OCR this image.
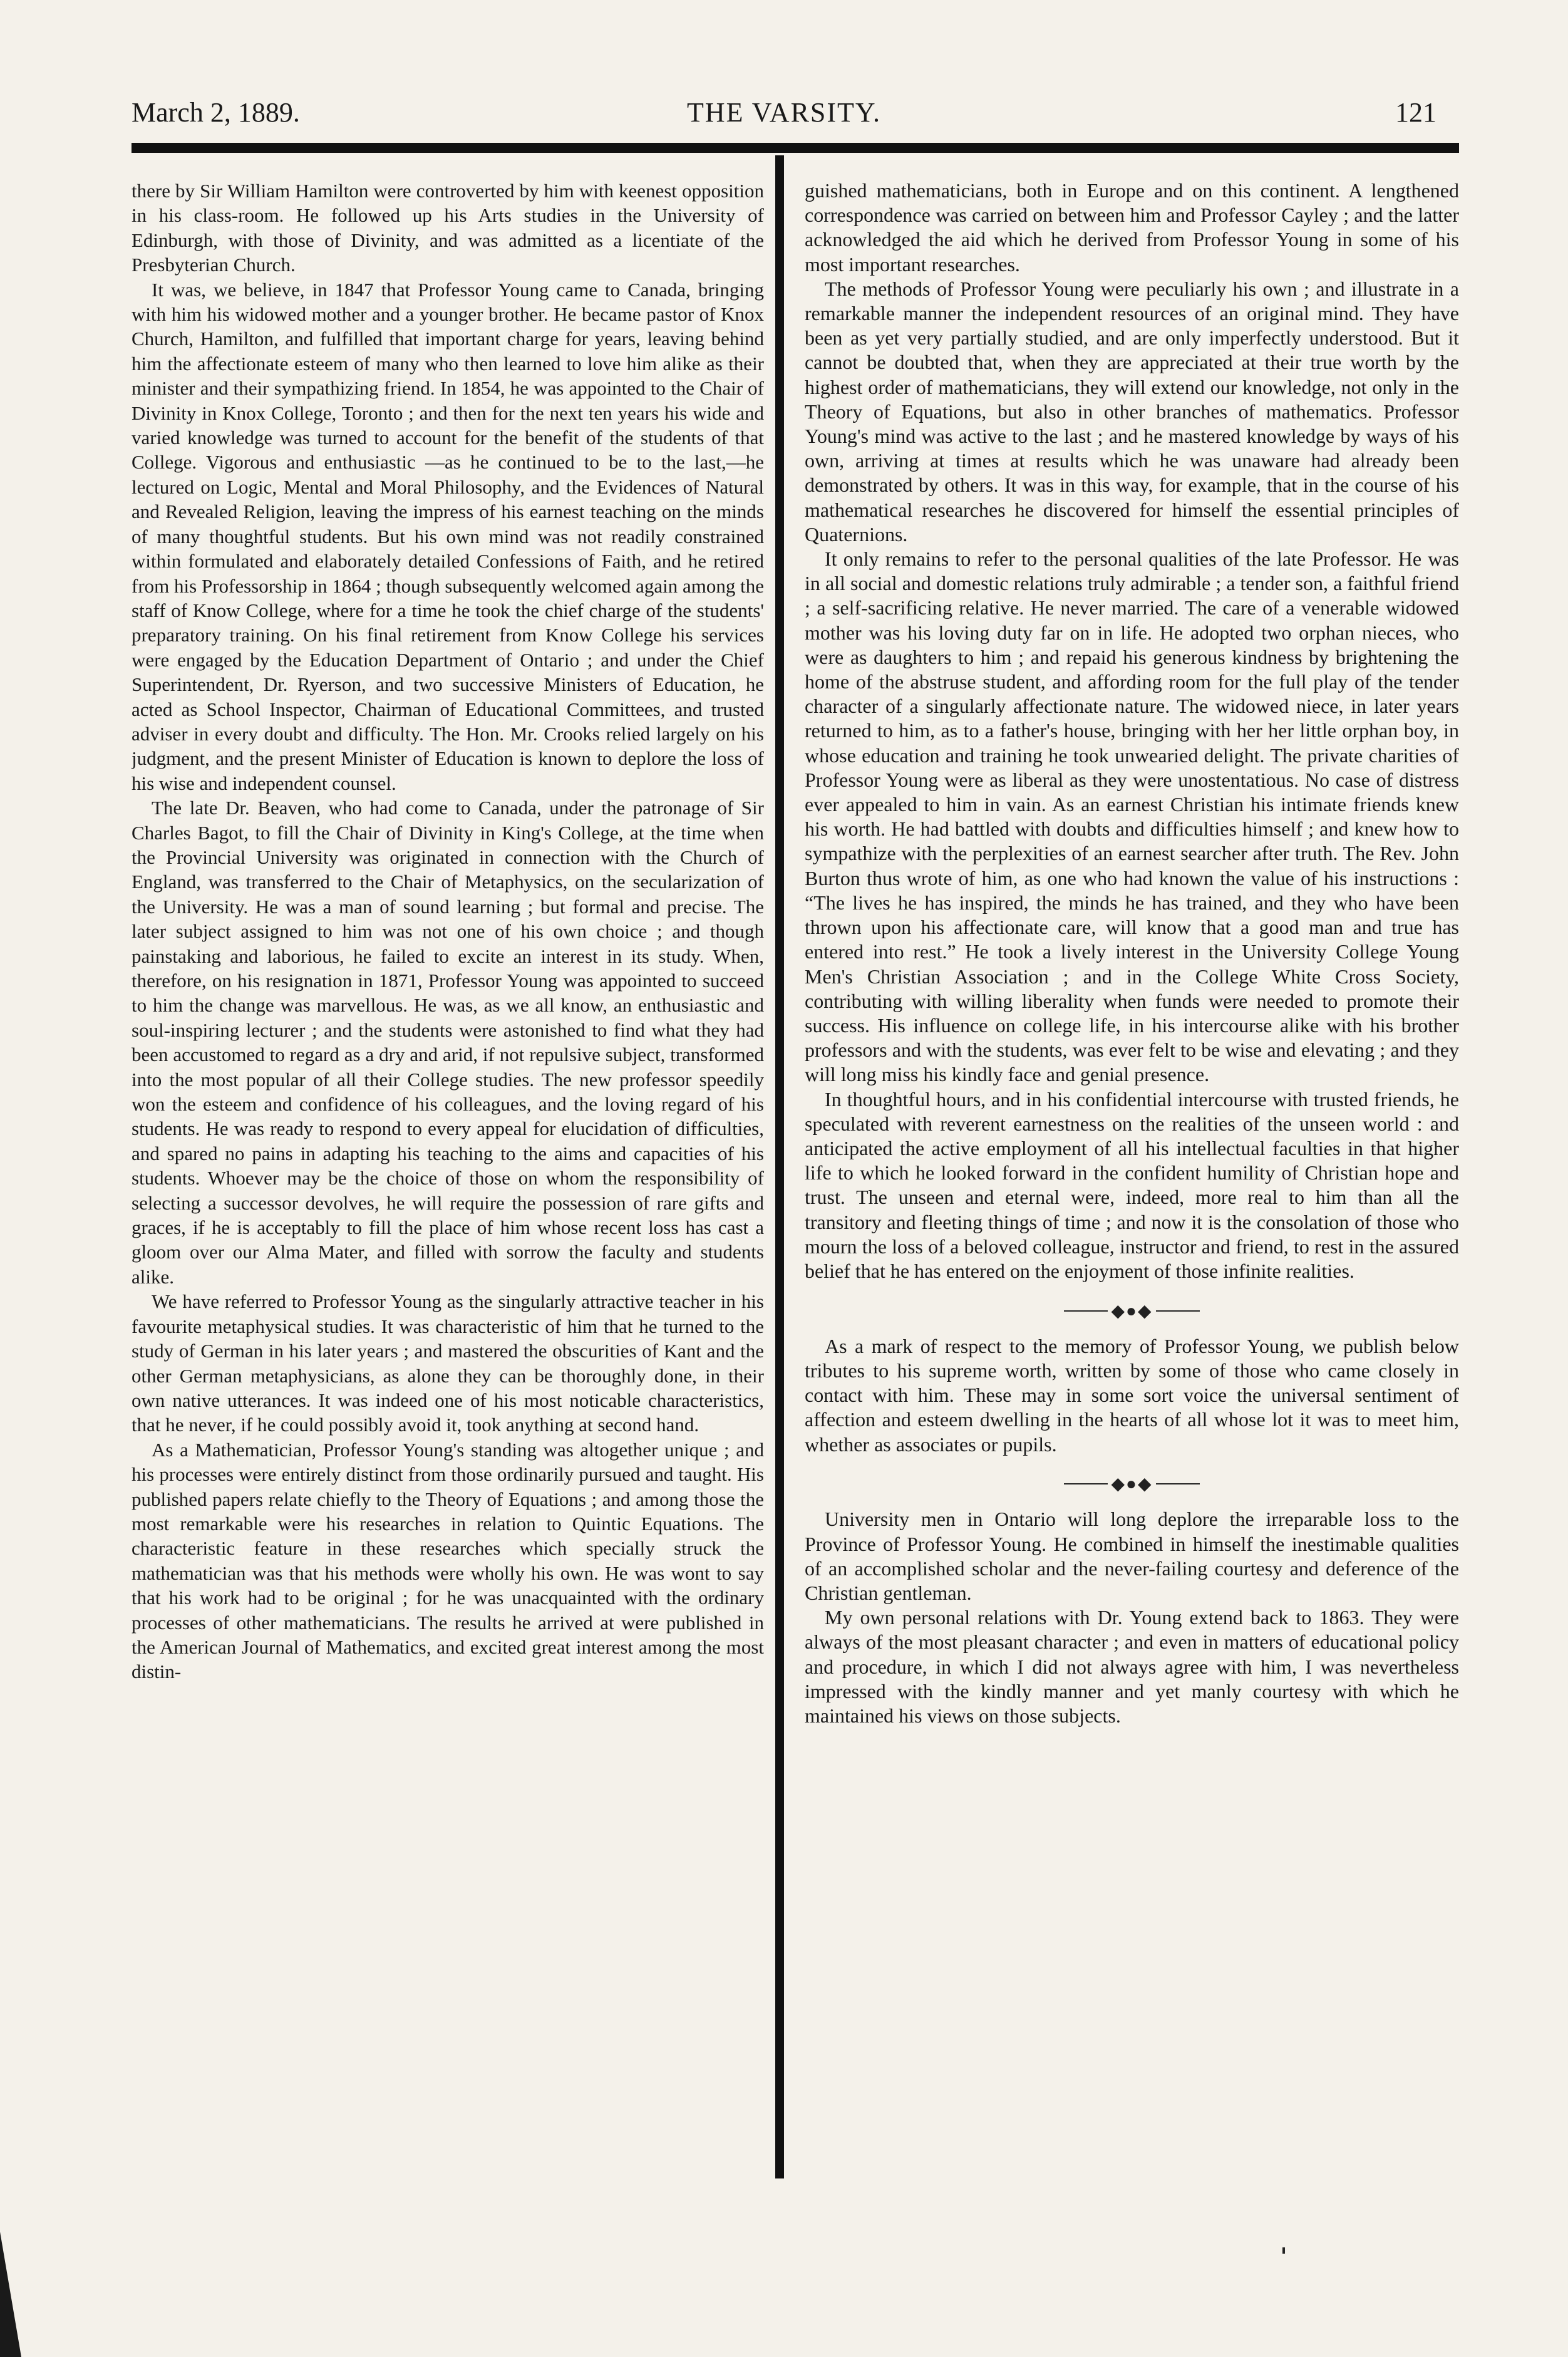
March 2, 1889.	THE VARSITY.	121

there by Sir William Hamilton were controverted by him with keenest opposition in his class-room. He followed up his Arts studies in the University of Edinburgh, with those of Divinity, and was admitted as a licentiate of the Presbyterian Church.

It was, we believe, in 1847 that Professor Young came to Canada, bringing with him his widowed mother and a younger brother. He became pastor of Knox Church, Hamilton, and fulfilled that important charge for years, leaving behind him the affectionate esteem of many who then learned to love him alike as their minister and their sympathizing friend. In 1854, he was appointed to the Chair of Divinity in Knox College, Toronto ; and then for the next ten years his wide and varied knowledge was turned to account for the benefit of the students of that College. Vigorous and enthusiastic —as he continued to be to the last,—he lectured on Logic, Mental and Moral Philosophy, and the Evidences of Natural and Revealed Religion, leaving the impress of his earnest teaching on the minds of many thoughtful students. But his own mind was not readily constrained within formulated and elaborately detailed Confessions of Faith, and he retired from his Professorship in 1864 ; though subsequently welcomed again among the staff of Know College, where for a time he took the chief charge of the students' preparatory training. On his final retirement from Know College his services were engaged by the Education Department of Ontario ; and under the Chief Superintendent, Dr. Ryerson, and two successive Ministers of Education, he acted as School Inspector, Chairman of Educational Committees, and trusted adviser in every doubt and difficulty. The Hon. Mr. Crooks relied largely on his judgment, and the present Minister of Education is known to deplore the loss of his wise and independent counsel.

The late Dr. Beaven, who had come to Canada, under the patronage of Sir Charles Bagot, to fill the Chair of Divinity in King's College, at the time when the Provincial University was originated in connection with the Church of England, was transferred to the Chair of Metaphysics, on the secularization of the University. He was a man of sound learning ; but formal and precise. The later subject assigned to him was not one of his own choice ; and though painstaking and laborious, he failed to excite an interest in its study. When, therefore, on his resignation in 1871, Professor Young was appointed to succeed to him the change was marvellous. He was, as we all know, an enthusiastic and soul-inspiring lecturer ; and the students were astonished to find what they had been accustomed to regard as a dry and arid, if not repulsive subject, transformed into the most popular of all their College studies. The new professor speedily won the esteem and confidence of his colleagues, and the loving regard of his students. He was ready to respond to every appeal for elucidation of difficulties, and spared no pains in adapting his teaching to the aims and capacities of his students. Whoever may be the choice of those on whom the responsibility of selecting a successor devolves, he will require the possession of rare gifts and graces, if he is acceptably to fill the place of him whose recent loss has cast a gloom over our Alma Mater, and filled with sorrow the faculty and students alike.

We have referred to Professor Young as the singularly attractive teacher in his favourite metaphysical studies. It was characteristic of him that he turned to the study of German in his later years ; and mastered the obscurities of Kant and the other German metaphysicians, as alone they can be thoroughly done, in their own native utterances. It was indeed one of his most noticable characteristics, that he never, if he could possibly avoid it, took anything at second hand.

As a Mathematician, Professor Young's standing was altogether unique ; and his processes were entirely distinct from those ordinarily pursued and taught. His published papers relate chiefly to the Theory of Equations ; and among those the most remarkable were his researches in relation to Quintic Equations. The characteristic feature in these researches which specially struck the mathematician was that his methods were wholly his own. He was wont to say that his work had to be original ; for he was unacquainted with the ordinary processes of other mathematicians. The results he arrived at were published in the American Journal of Mathematics, and excited great interest among the most distin-

guished mathematicians, both in Europe and on this continent. A lengthened correspondence was carried on between him and Professor Cayley ; and the latter acknowledged the aid which he derived from Professor Young in some of his most important researches.

The methods of Professor Young were peculiarly his own ; and illustrate in a remarkable manner the independent resources of an original mind. They have been as yet very partially studied, and are only imperfectly understood. But it cannot be doubted that, when they are appreciated at their true worth by the highest order of mathematicians, they will extend our knowledge, not only in the Theory of Equations, but also in other branches of mathematics. Professor Young's mind was active to the last ; and he mastered knowledge by ways of his own, arriving at times at results which he was unaware had already been demonstrated by others. It was in this way, for example, that in the course of his mathematical researches he discovered for himself the essential principles of Quaternions.

It only remains to refer to the personal qualities of the late Professor. He was in all social and domestic relations truly admirable ; a tender son, a faithful friend ; a self-sacrificing relative. He never married. The care of a venerable widowed mother was his loving duty far on in life. He adopted two orphan nieces, who were as daughters to him ; and repaid his generous kindness by brightening the home of the abstruse student, and affording room for the full play of the tender character of a singularly affectionate nature. The widowed niece, in later years returned to him, as to a father's house, bringing with her her little orphan boy, in whose education and training he took unwearied delight. The private charities of Professor Young were as liberal as they were unostentatious. No case of distress ever appealed to him in vain. As an earnest Christian his intimate friends knew his worth. He had battled with doubts and difficulties himself ; and knew how to sympathize with the perplexities of an earnest searcher after truth. The Rev. John Burton thus wrote of him, as one who had known the value of his instructions : “The lives he has inspired, the minds he has trained, and they who have been thrown upon his affectionate care, will know that a good man and true has entered into rest.” He took a lively interest in the University College Young Men's Christian Association ; and in the College White Cross Society, contributing with willing liberality when funds were needed to promote their success. His influence on college life, in his intercourse alike with his brother professors and with the students, was ever felt to be wise and elevating ; and they will long miss his kindly face and genial presence.

In thoughtful hours, and in his confidential intercourse with trusted friends, he speculated with reverent earnestness on the realities of the unseen world : and anticipated the active employment of all his intellectual faculties in that higher life to which he looked forward in the confident humility of Christian hope and trust. The unseen and eternal were, indeed, more real to him than all the transitory and fleeting things of time ; and now it is the consolation of those who mourn the loss of a beloved colleague, instructor and friend, to rest in the assured belief that he has entered on the enjoyment of those infinite realities.

◆●◆

As a mark of respect to the memory of Professor Young, we publish below tributes to his supreme worth, written by some of those who came closely in contact with him. These may in some sort voice the universal sentiment of affection and esteem dwelling in the hearts of all whose lot it was to meet him, whether as associates or pupils.

◆●◆

University men in Ontario will long deplore the irreparable loss to the Province of Professor Young. He combined in himself the inestimable qualities of an accomplished scholar and the never-failing courtesy and deference of the Christian gentleman.

My own personal relations with Dr. Young extend back to 1863. They were always of the most pleasant character ; and even in matters of educational policy and procedure, in which I did not always agree with him, I was nevertheless impressed with the kindly manner and yet manly courtesy with which he maintained his views on those subjects.
